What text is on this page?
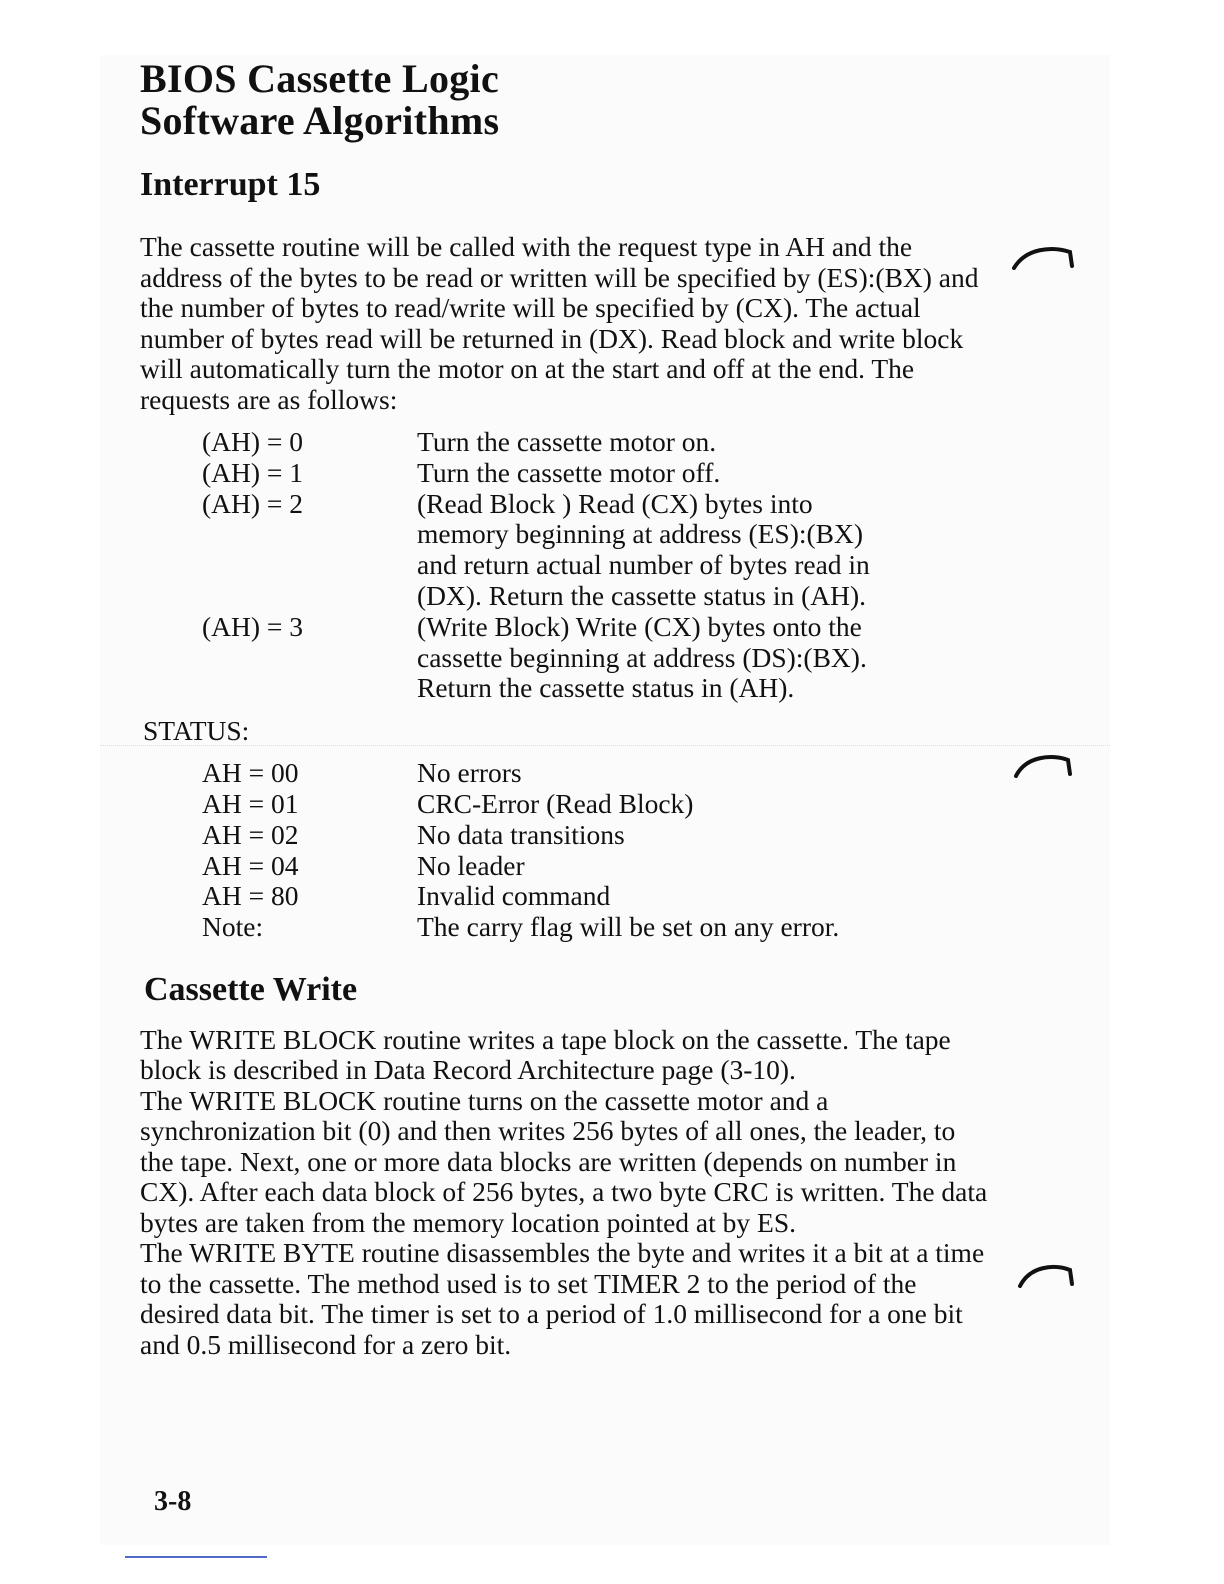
BIOS Cassette Logic
Software Algorithms
Interrupt 15

The cassette routine will be called with the request type in AH and the address of the bytes to be read or written will be specified by (ES):(BX) and the number of bytes to read/write will be specified by (CX). The actual number of bytes read will be returned in (DX). Read block and write block will automatically turn the motor on at the start and off at the end. The requests are as follows:

(AH) = 0	Turn the cassette motor on.
(AH) = 1	Turn the cassette motor off.
(AH) = 2	(Read Block ) Read (CX) bytes into
memory beginning at address (ES):(BX)
and return actual number of bytes read in
(DX). Return the cassette status in (AH).
(AH) = 3	(Write Block) Write (CX) bytes onto the
cassette beginning at address (DS):(BX).
Return the cassette status in (AH).
STATUS:
AH = 00	No errors
AH = 01	CRC-Error (Read Block)
AH = 02	No data transitions
AH = 04	No leader
AH = 80	Invalid command
Note:	The carry flag will be set on any error.
Cassette Write

The WRITE BLOCK routine writes a tape block on the cassette. The tape block is described in Data Record Architecture page (3-10).

The WRITE BLOCK routine turns on the cassette motor and a synchronization bit (0) and then writes 256 bytes of all ones, the leader, to the tape. Next, one or more data blocks are written (depends on number in CX). After each data block of 256 bytes, a two byte CRC is written. The data bytes are taken from the memory location pointed at by ES.

The WRITE BYTE routine disassembles the byte and writes it a bit at a time to the cassette. The method used is to set TIMER 2 to the period of the desired data bit. The timer is set to a period of 1.0 millisecond for a one bit and 0.5 millisecond for a zero bit.

3-8
